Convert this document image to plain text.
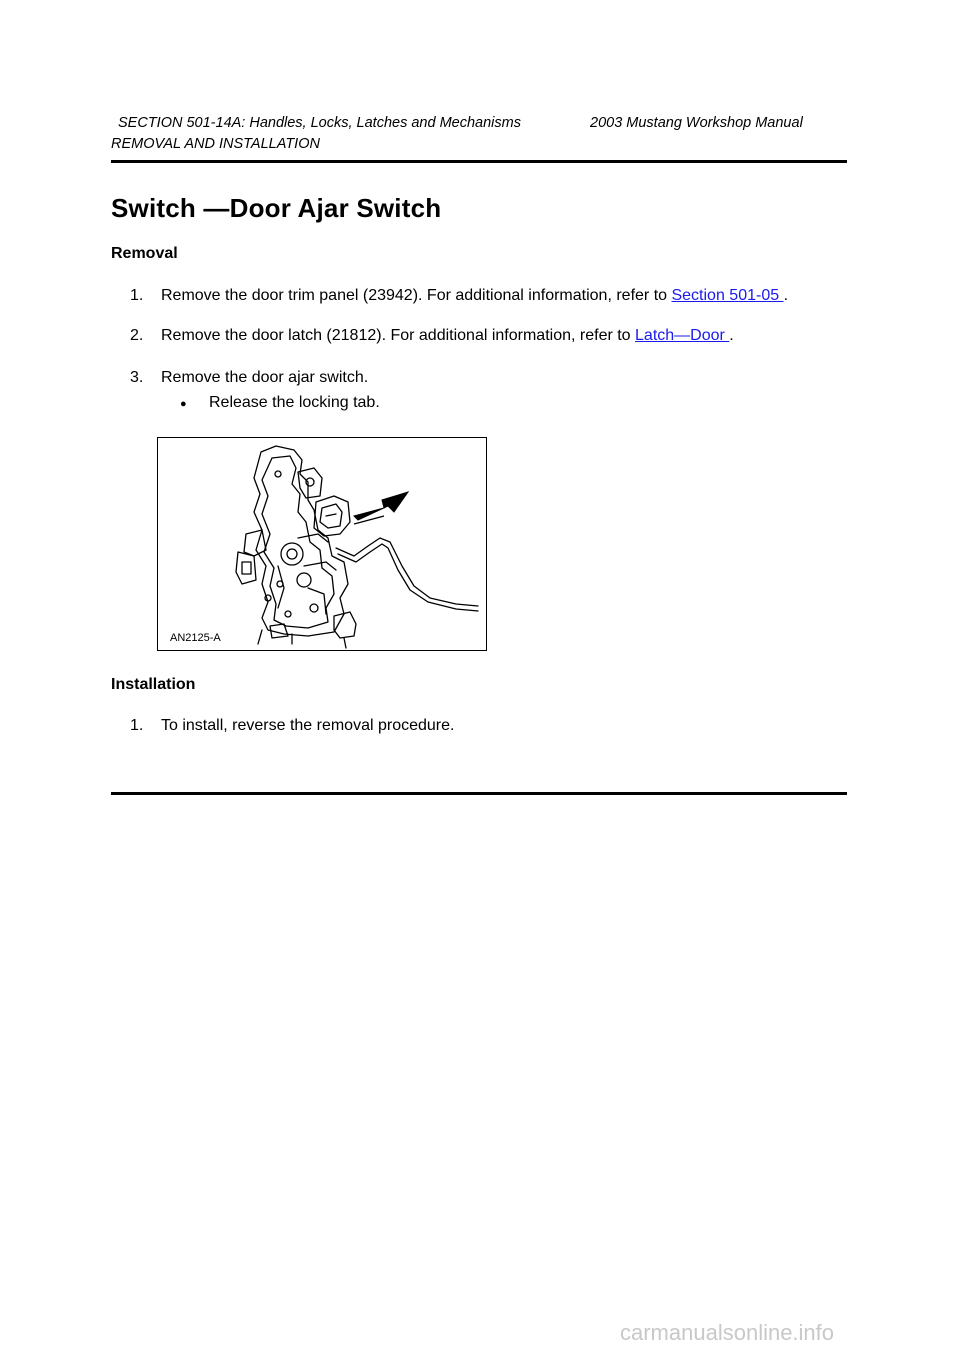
SECTION 501-14A: Handles, Locks, Latches and Mechanisms	2003 Mustang Workshop Manual
REMOVAL AND INSTALLATION
Switch —Door Ajar Switch
Removal
1. Remove the door trim panel (23942). For additional information, refer to Section 501-05 .
2. Remove the door latch (21812). For additional information, refer to Latch—Door .
3. Remove the door ajar switch.
● Release the locking tab.
AN2125-A
Installation
1. To install, reverse the removal procedure.
carmanualsonline.info
